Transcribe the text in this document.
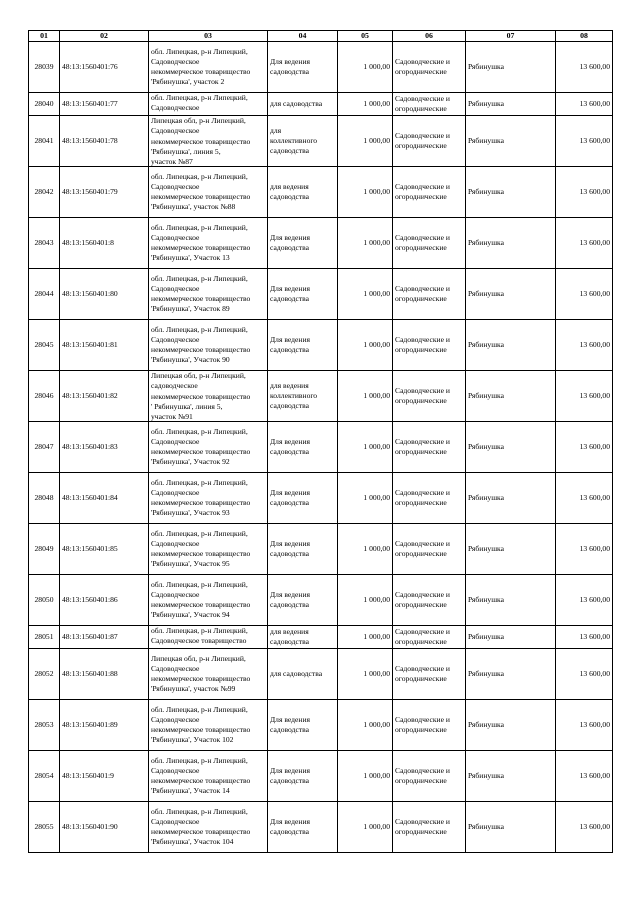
01	02	03	04	05	06	07	08
28039	48:13:1560401:76	обл. Липецкая, р-н Липецкий,
Садоводческое
некоммерческое товарищество
'Рябинушка', участок 2	Для ведения
садоводства	1 000,00	Садоводческие и
огороднические	Рябинушка	13 600,00
28040	48:13:1560401:77	обл. Липецкая, р-н Липецкий,
Садоводческое	для садоводства	1 000,00	Садоводческие и
огороднические	Рябинушка	13 600,00
28041	48:13:1560401:78	Липецкая обл, р-н Липецкий,
Садоводческое
некоммерческое товарищество
'Рябинушка', линия 5,
участок №87	для
коллективного
садоводства	1 000,00	Садоводческие и
огороднические	Рябинушка	13 600,00
28042	48:13:1560401:79	обл. Липецкая, р-н Липецкий,
Садоводческое
некоммерческое товарищество
'Рябинушка', участок №88	для ведения
садоводства	1 000,00	Садоводческие и
огороднические	Рябинушка	13 600,00
28043	48:13:1560401:8	обл. Липецкая, р-н Липецкий,
Садоводческое
некоммерческое товарищество
'Рябинушка', Участок 13	Для ведения
садоводства	1 000,00	Садоводческие и
огороднические	Рябинушка	13 600,00
28044	48:13:1560401:80	обл. Липецкая, р-н Липецкий,
Садоводческое
некоммерческое товарищество
'Рябинушка', Участок 89	Для ведения
садоводства	1 000,00	Садоводческие и
огороднические	Рябинушка	13 600,00
28045	48:13:1560401:81	обл. Липецкая, р-н Липецкий,
Садоводческое
некоммерческое товарищество
'Рябинушка', Участок 90	Для ведения
садоводства	1 000,00	Садоводческие и
огороднические	Рябинушка	13 600,00
28046	48:13:1560401:82	Липецкая обл, р-н Липецкий,
садоводческое
некоммерческое товарищество
' Рябинушка', линия 5,
участок №91	для ведения
коллективного
садоводства	1 000,00	Садоводческие и
огороднические	Рябинушка	13 600,00
28047	48:13:1560401:83	обл. Липецкая, р-н Липецкий,
Садоводческое
некоммерческое товарищество
'Рябинушка', Участок 92	Для ведения
садоводства	1 000,00	Садоводческие и
огороднические	Рябинушка	13 600,00
28048	48:13:1560401:84	обл. Липецкая, р-н Липецкий,
Садоводческое
некоммерческое товарищество
'Рябинушка', Участок 93	Для ведения
садоводства	1 000,00	Садоводческие и
огороднические	Рябинушка	13 600,00
28049	48:13:1560401:85	обл. Липецкая, р-н Липецкий,
Садоводческое
некоммерческое товарищество
'Рябинушка', Участок 95	Для ведения
садоводства	1 000,00	Садоводческие и
огороднические	Рябинушка	13 600,00
28050	48:13:1560401:86	обл. Липецкая, р-н Липецкий,
Садоводческое
некоммерческое товарищество
'Рябинушка', Участок 94	Для ведения
садоводства	1 000,00	Садоводческие и
огороднические	Рябинушка	13 600,00
28051	48:13:1560401:87	обл. Липецкая, р-н Липецкий,
Садоводческое товарищество	для ведения
садоводства	1 000,00	Садоводческие и
огороднические	Рябинушка	13 600,00
28052	48:13:1560401:88	Липецкая обл, р-н Липецкий,
Садоводческое
некоммерческое товарищество
'Рябинушка', участок №99	для садоводства	1 000,00	Садоводческие и
огороднические	Рябинушка	13 600,00
28053	48:13:1560401:89	обл. Липецкая, р-н Липецкий,
Садоводческое
некоммерческое товарищество
'Рябинушка', Участок 102	Для ведения
садоводства	1 000,00	Садоводческие и
огороднические	Рябинушка	13 600,00
28054	48:13:1560401:9	обл. Липецкая, р-н Липецкий,
Садоводческое
некоммерческое товарищество
'Рябинушка', Участок 14	Для ведения
садоводства	1 000,00	Садоводческие и
огороднические	Рябинушка	13 600,00
28055	48:13:1560401:90	обл. Липецкая, р-н Липецкий,
Садоводческое
некоммерческое товарищество
'Рябинушка', Участок 104	Для ведения
садоводства	1 000,00	Садоводческие и
огороднические	Рябинушка	13 600,00
